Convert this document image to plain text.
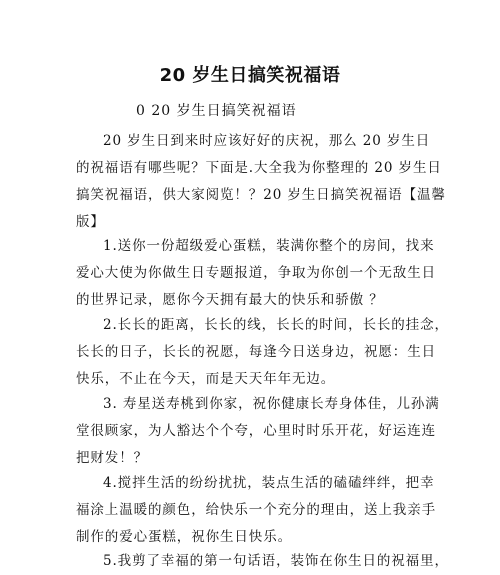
20 岁生日搞笑祝福语
0 20 岁生日搞笑祝福语
20 岁生日到来时应该好好的庆祝，那么 20 岁生日
的祝福语有哪些呢？下面是.大全我为你整理的 20 岁生日
搞笑祝福语，供大家阅览！？20 岁生日搞笑祝福语【温馨
版】
1.送你一份超级爱心蛋糕，装满你整个的房间，找来
爱心大使为你做生日专题报道，争取为你创一个无敌生日
的世界记录，愿你今天拥有最大的快乐和骄傲 ？
2.长长的距离，长长的线，长长的时间，长长的挂念，
长长的日子，长长的祝愿，每逢今日送身边，祝愿：生日
快乐，不止在今天，而是天天年年无边。
3. 寿星送寿桃到你家，祝你健康长寿身体佳，儿孙满
堂很顾家，为人豁达个个夸，心里时时乐开花，好运连连
把财发！？
4.搅拌生活的纷纷扰扰，装点生活的磕磕绊绊，把幸
福涂上温暖的颜色，给快乐一个充分的理由，送上我亲手
制作的爱心蛋糕，祝你生日快乐。
5.我剪了幸福的第一句话语，装饰在你生日的祝福里，
